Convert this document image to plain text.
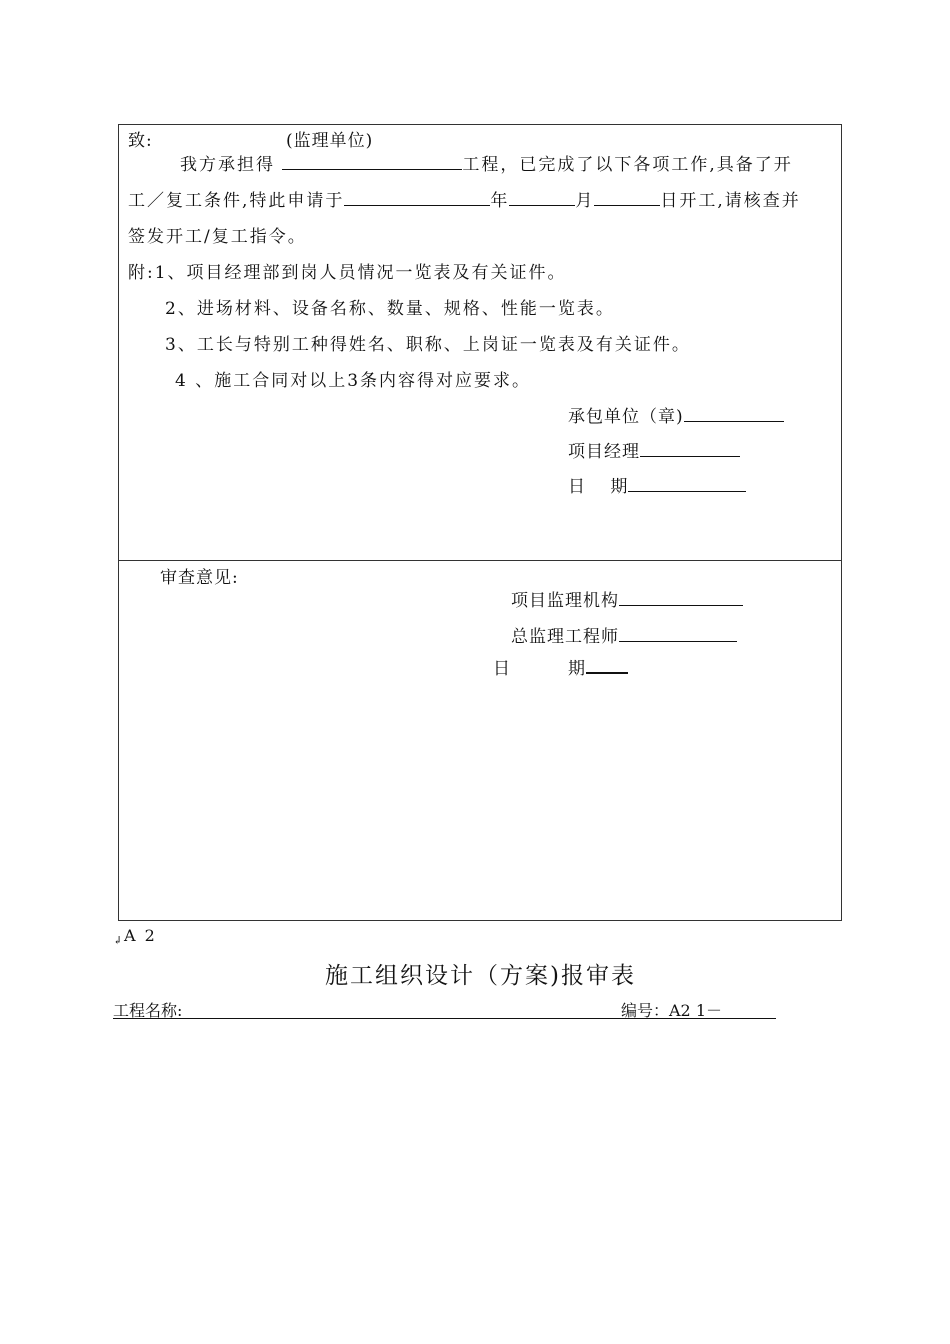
致:	(监理单位)
我方承担得	工程，已完成了以下各项工作,具备了开
工／复工条件,特此申请于	年	月	日开工,请核查并
签发开工/复工指令。
附:1、项目经理部到岗人员情况一览表及有关证件。
2、进场材料、设备名称、数量、规格、性能一览表。
3、工长与特别工种得姓名、职称、上岗证一览表及有关证件。
4 、施工合同对以上3条内容得对应要求。
承包单位（章)
项目经理
日　 期
审查意见:
项目监理机构
总监理工程师
日	期
↲ A 2
施工组织设计（方案)报审表
工程名称:	编号：A2 1－
